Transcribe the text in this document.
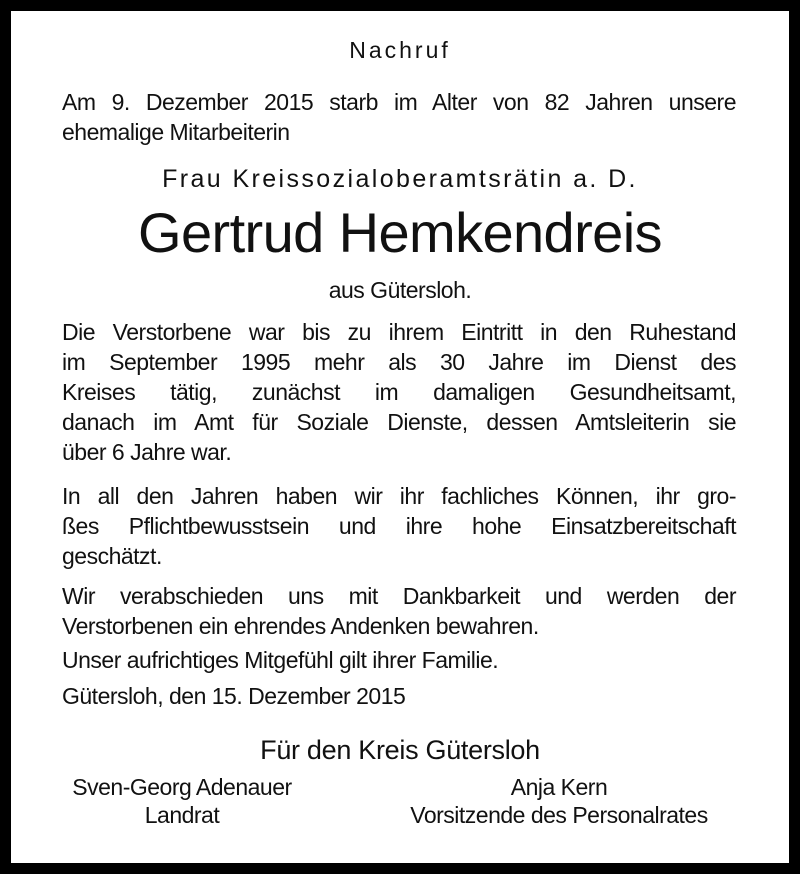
Nachruf
Am 9. Dezember 2015 starb im Alter von 82 Jahren unsere
ehemalige Mitarbeiterin
Frau Kreissozialoberamtsrätin a. D.
Gertrud Hemkendreis
aus Gütersloh.
Die Verstorbene war bis zu ihrem Eintritt in den Ruhestand
im September 1995 mehr als 30 Jahre im Dienst des
Kreises tätig, zunächst im damaligen Gesundheitsamt,
danach im Amt für Soziale Dienste, dessen Amtsleiterin sie
über 6 Jahre war.
In all den Jahren haben wir ihr fachliches Können, ihr gro-
ßes Pflichtbewusstsein und ihre hohe Einsatzbereitschaft
geschätzt.
Wir verabschieden uns mit Dankbarkeit und werden der
Verstorbenen ein ehrendes Andenken bewahren.
Unser aufrichtiges Mitgefühl gilt ihrer Familie.
Gütersloh, den 15. Dezember 2015
Für den Kreis Gütersloh
Sven-Georg Adenauer
Landrat
Anja Kern
Vorsitzende des Personalrates
